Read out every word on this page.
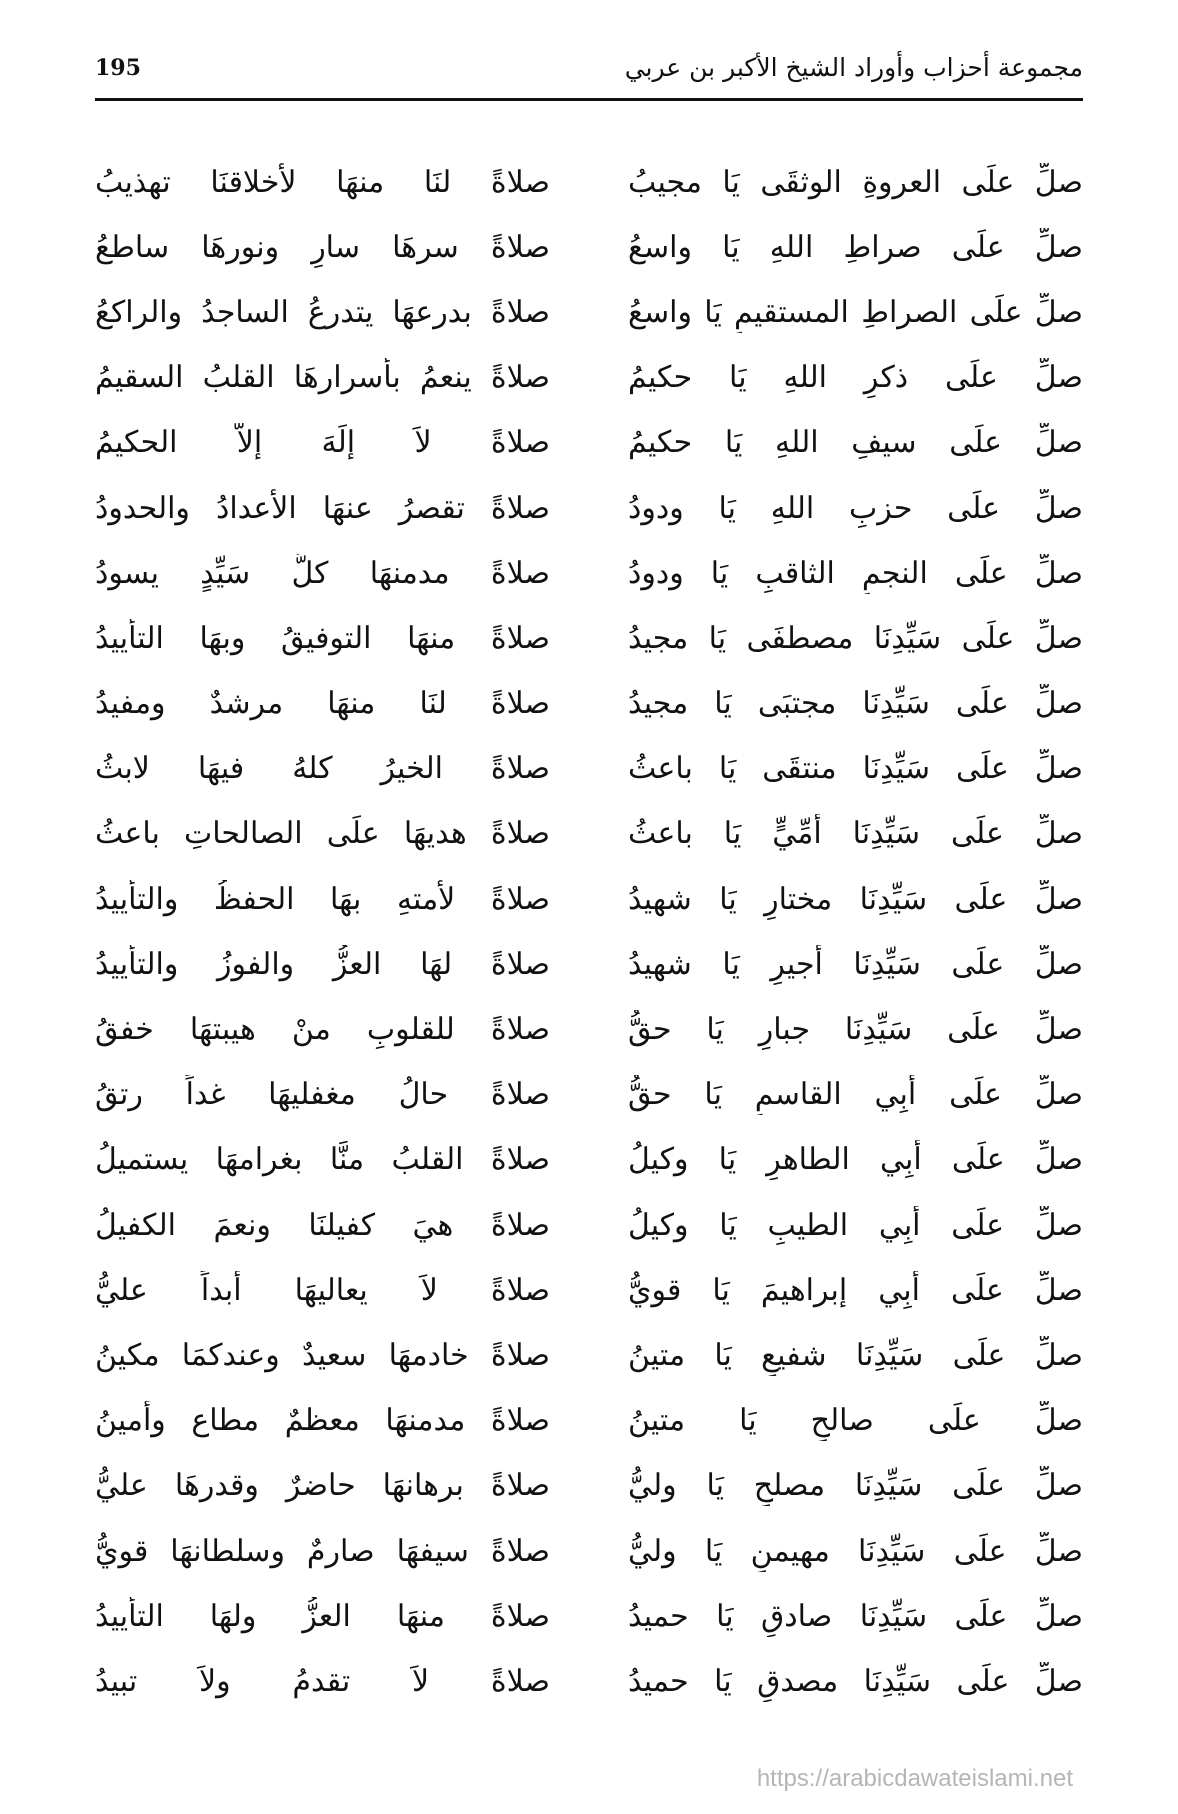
195	مجموعة أحزاب وأوراد الشيخ الأكبر بن عربي
صلِّ علَى العروةِ الوثقَى يَا مجيبُ
صلاةً لنَا منهَا لأخلاقنَا تهذيبُ
صلِّ علَى صراطِ اللهِ يَا واسعُ
صلاةً سرهَا سارٍ ونورهَا ساطعُ
صلِّ علَى الصراطِ المستقيمِ يَا واسعُ
صلاةً بدرعهَا يتدرعُ الساجدُ والراكعُ
صلِّ علَى ذكرِ اللهِ يَا حكيمُ
صلاةً ينعمُ بأسرارهَا القلبُ السقيمُ
صلِّ علَى سيفِ اللهِ يَا حكيمُ
صلاةً لاَ إلَهَ إلاَّ الحكيمُ
صلِّ علَى حزبِ اللهِ يَا ودودُ
صلاةً تقصرُ عنهَا الأعدادُ والحدودُ
صلِّ علَى النجمِ الثاقبِ يَا ودودُ
صلاةً مدمنهَا كلُّ سَيِّدٍ يسودُ
صلِّ علَى سَيِّدِنَا مصطفَى يَا مجيدُ
صلاةً منهَا التوفيقُ وبهَا التأييدُ
صلِّ علَى سَيِّدِنَا مجتبَى يَا مجيدُ
صلاةً لنَا منهَا مرشدٌ ومفيدُ
صلِّ علَى سَيِّدِنَا منتقَى يَا باعثُ
صلاةً الخيرُ كلهُ فيهَا لابثُ
صلِّ علَى سَيِّدِنَا أمِّيٍّ يَا باعثُ
صلاةً هديهَا علَى الصالحاتِ باعثُ
صلِّ علَى سَيِّدِنَا مختارٍ يَا شهيدُ
صلاةً لأمتهِ بهَا الحفظُ والتأييدُ
صلِّ علَى سَيِّدِنَا أجيرٍ يَا شهيدُ
صلاةً لهَا العزُّ والفوزُ والتأييدُ
صلِّ علَى سَيِّدِنَا جبارٍ يَا حقُّ
صلاةً للقلوبِ منْ هيبتهَا خفقُ
صلِّ علَى أبِي القاسمِ يَا حقُّ
صلاةً حالُ مغفليهَا غداً رتقُ
صلِّ علَى أبِي الطاهرِ يَا وكيلُ
صلاةً القلبُ منَّا بغرامهَا يستميلُ
صلِّ علَى أبِي الطيبِ يَا وكيلُ
صلاةً هيَ كفيلنَا ونعمَ الكفيلُ
صلِّ علَى أبِي إبراهيمَ يَا قويُّ
صلاةً لاَ يعاليهَا أبداً عليُّ
صلِّ علَى سَيِّدِنَا شفيعٍ يَا متينُ
صلاةً خادمهَا سعيدٌ وعندكمَا مكينُ
صلِّ علَى صالحٍ يَا متينُ
صلاةً مدمنهَا معظمٌ مطاع وأمينُ
صلِّ علَى سَيِّدِنَا مصلحٍ يَا وليُّ
صلاةً برهانهَا حاضرٌ وقدرهَا عليُّ
صلِّ علَى سَيِّدِنَا مهيمنٍ يَا وليُّ
صلاةً سيفهَا صارمٌ وسلطانهَا قويُّ
صلِّ علَى سَيِّدِنَا صادقٍ يَا حميدُ
صلاةً منهَا العزُّ ولهَا التأييدُ
صلِّ علَى سَيِّدِنَا مصدقٍ يَا حميدُ
صلاةً لاَ تقدمُ ولاَ تبيدُ
https://arabicdawateislami.net
